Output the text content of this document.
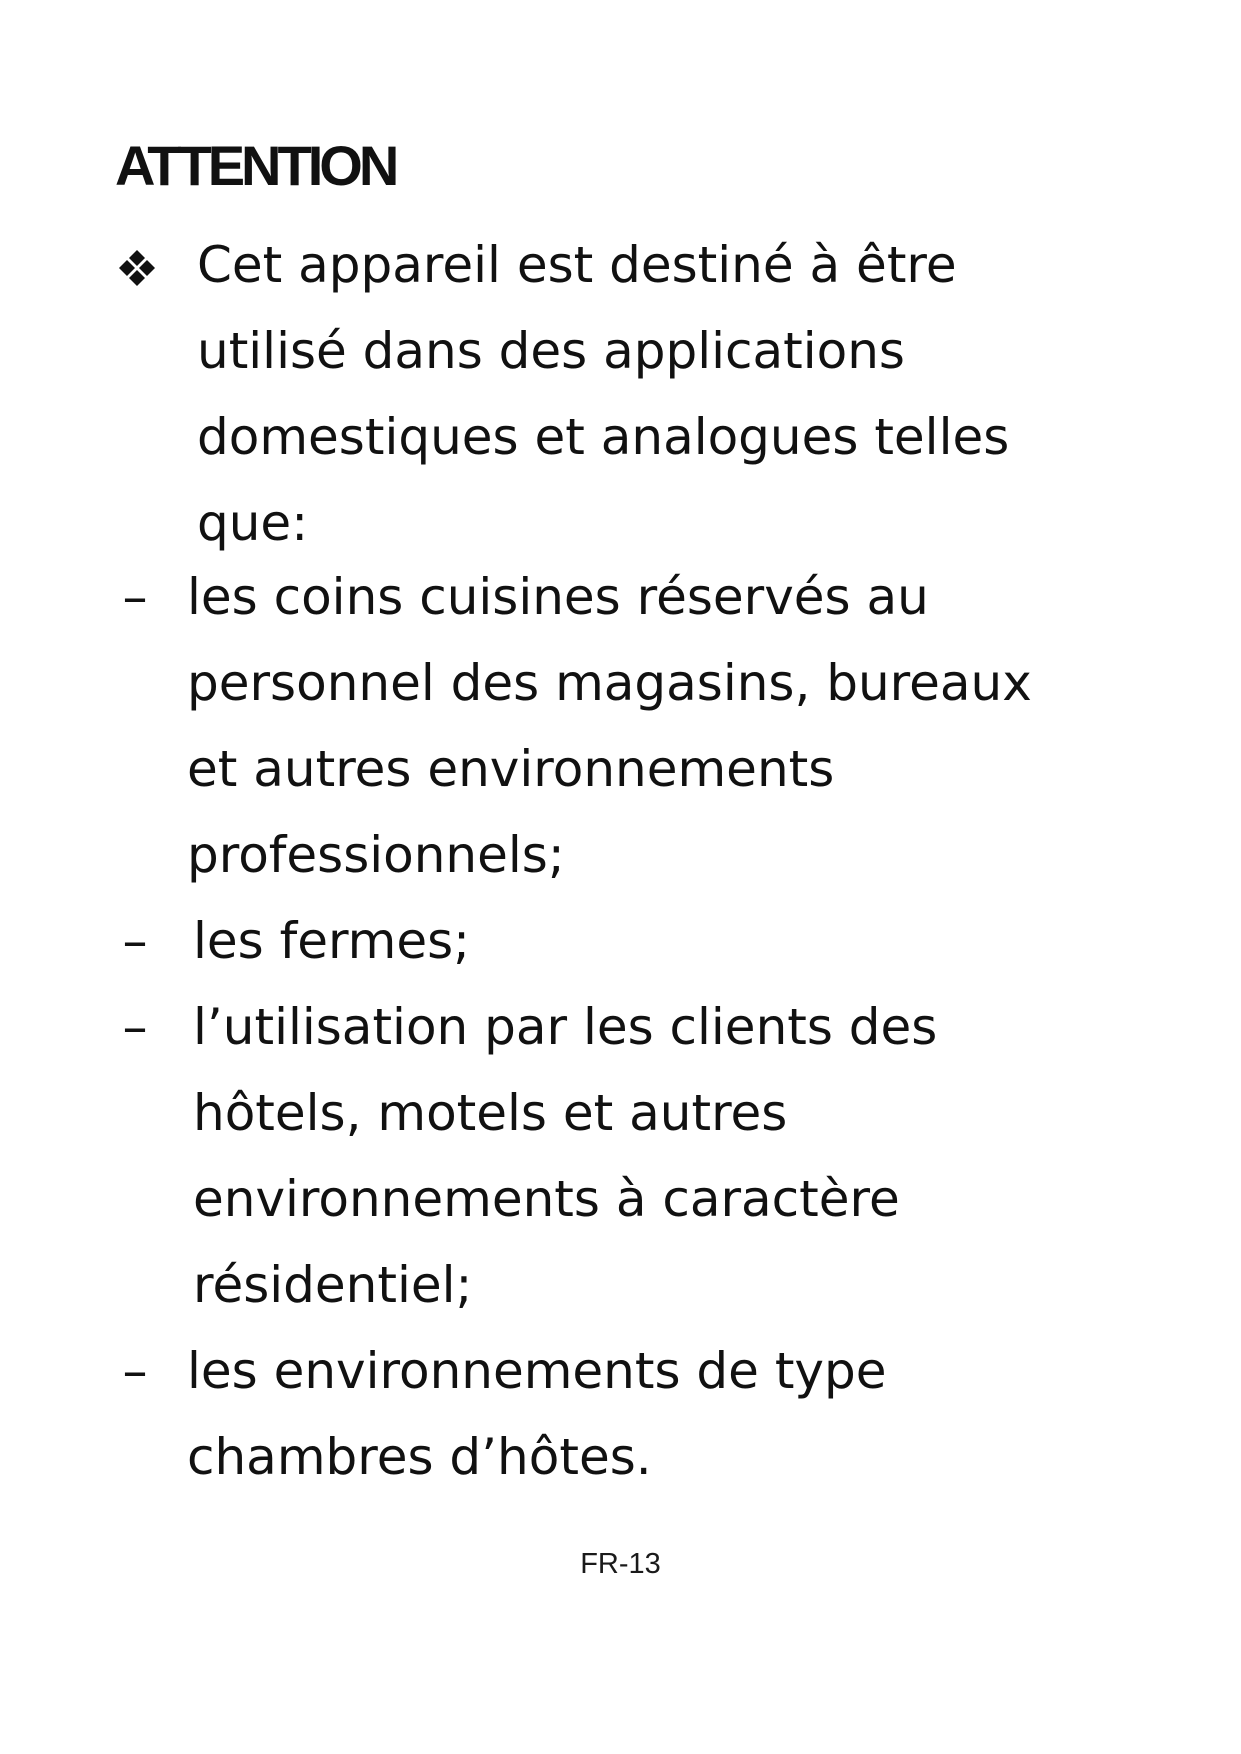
ATTENTION
Cet appareil est destiné à être
utilisé dans des applications
domestiques et analogues telles
que:
– les coins cuisines réservés au
personnel des magasins, bureaux
et autres environnements
professionnels;
– les fermes;
– l’utilisation par les clients des
hôtels, motels et autres
environnements à caractère
résidentiel;
– les environnements de type
chambres d’hôtes.
FR-13
